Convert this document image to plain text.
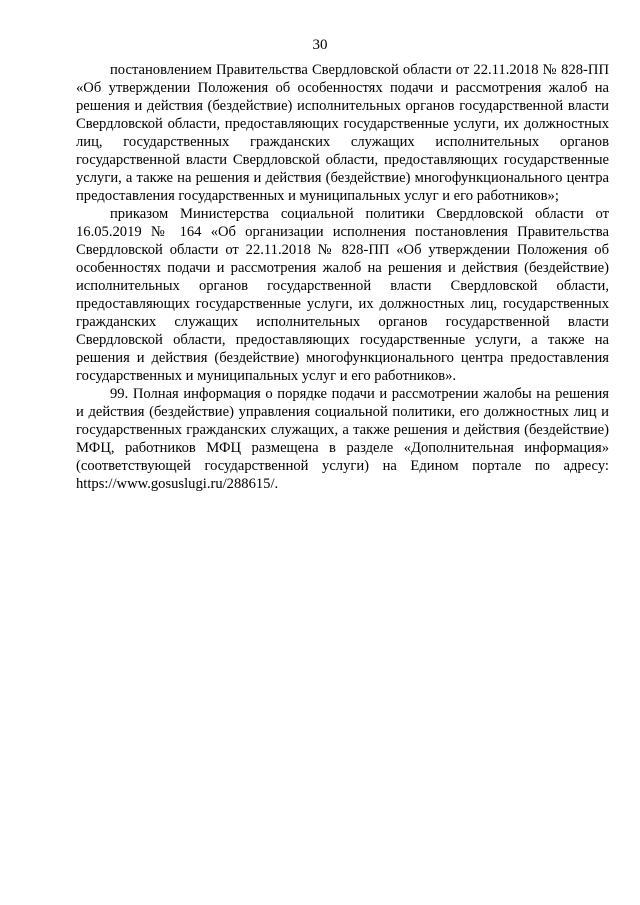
30

постановлением Правительства Свердловской области от 22.11.2018 № 828-ПП «Об утверждении Положения об особенностях подачи и рассмотрения жалоб на решения и действия (бездействие) исполнительных органов государственной власти Свердловской области, предоставляющих государственные услуги, их должностных лиц, государственных гражданских служащих исполнительных органов государственной власти Свердловской области, предоставляющих государственные услуги, а также на решения и действия (бездействие) многофункционального центра предоставления государственных и муниципальных услуг и его работников»;

приказом Министерства социальной политики Свердловской области от 16.05.2019 № 164 «Об организации исполнения постановления Правительства Свердловской области от 22.11.2018 № 828-ПП «Об утверждении Положения об особенностях подачи и рассмотрения жалоб на решения и действия (бездействие) исполнительных органов государственной власти Свердловской области, предоставляющих государственные услуги, их должностных лиц, государственных гражданских служащих исполнительных органов государственной власти Свердловской области, предоставляющих государственные услуги, а также на решения и действия (бездействие) многофункционального центра предоставления государственных и муниципальных услуг и его работников».

99. Полная информация о порядке подачи и рассмотрении жалобы на решения и действия (бездействие) управления социальной политики, его должностных лиц и государственных гражданских служащих, а также решения и действия (бездействие) МФЦ, работников МФЦ размещена в разделе «Дополнительная информация» (соответствующей государственной услуги) на Едином портале по адресу: https://www.gosuslugi.ru/288615/.
